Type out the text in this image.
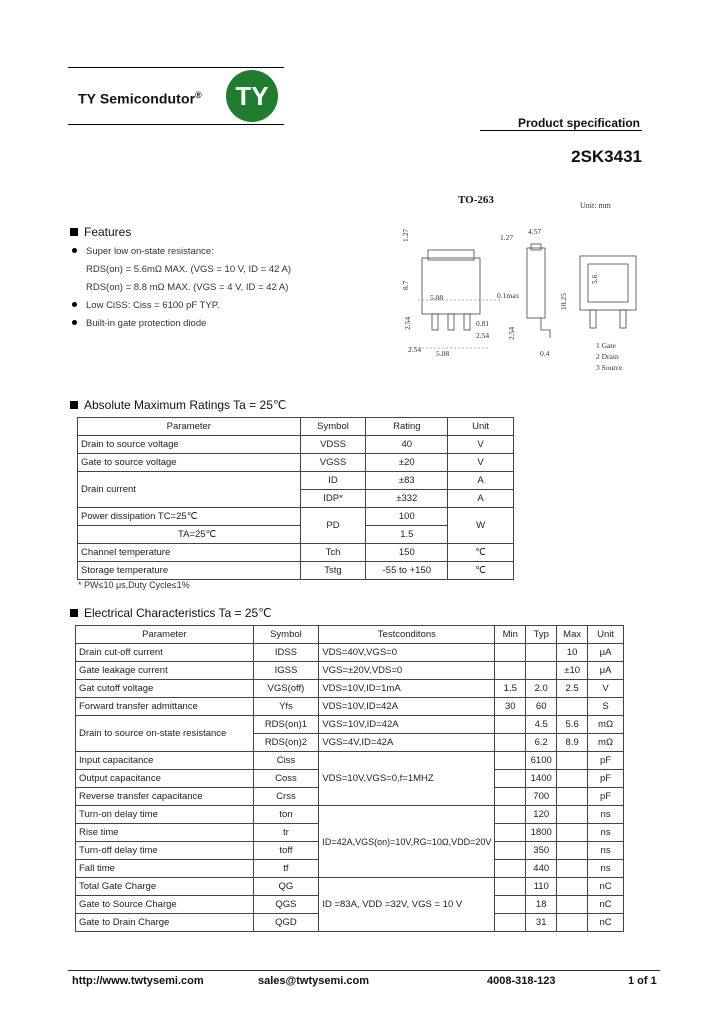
TY Semicondutor®	TY
Product specification
2SK3431
TO-263	Unit: mm
1.27	4.57
8.7
1.27
0.1max	10.25
5.08
2.54
2.54 2.54
5.08
0.81
2.54
0.4
5.6
1 Gate
2 Drain
3 Source
Features
Super low on-state resistance:
RDS(on) = 5.6mΩ MAX. (VGS = 10 V, ID = 42 A)
RDS(on) = 8.8 mΩ MAX. (VGS = 4 V, ID = 42 A)
Low CiSS: Ciss = 6100 pF TYP.
Built-in gate protection diode
Absolute Maximum Ratings Ta = 25℃
Parameter	Symbol	Rating	Unit
Drain to source voltage	VDSS	40	V
Gate to source voltage	VGSS	±20	V
Drain current	ID	±83	A
	IDP*	±332	A
Power dissipation TC=25℃	PD	100	W
TA=25℃		1.5	
Channel temperature	Tch	150	℃
Storage temperature	Tstg	-55 to +150	℃
* PW≤10 μs,Duty Cycle≤1%
Electrical Characteristics Ta = 25℃
Parameter	Symbol	Testconditons	Min	Typ	Max	Unit
Drain cut-off current	IDSS	VDS=40V,VGS=0			10	μA
Gate leakage current	IGSS	VGS=±20V,VDS=0			±10	μA
Gat cutoff voltage	VGS(off)	VDS=10V,ID=1mA	1.5	2.0	2.5	V
Forward transfer admittance	Yfs	VDS=10V,ID=42A	30	60		S
Drain to source on-state resistance	RDS(on)1	VGS=10V,ID=42A		4.5	5.6	mΩ
	RDS(on)2	VGS=4V,ID=42A		6.2	8.9	mΩ
Input capacitance	Ciss	VDS=10V,VGS=0,f=1MHZ		6100		pF
Output capacitance	Coss			1400		pF
Reverse transfer capacitance	Crss			700		pF
Turn-on delay time	ton	ID=42A,VGS(on)=10V,RG=10Ω,VDD=20V		120		ns
Rise time	tr			1800		ns
Turn-off delay time	toff			350		ns
Fall time	tf			440		ns
Total Gate Charge	QG	ID =83A, VDD =32V, VGS = 10 V		110		nC
Gate to Source Charge	QGS			18		nC
Gate to Drain Charge	QGD			31		nC
http://www.twtysemi.com	sales@twtysemi.com	4008-318-123	1 of 1
